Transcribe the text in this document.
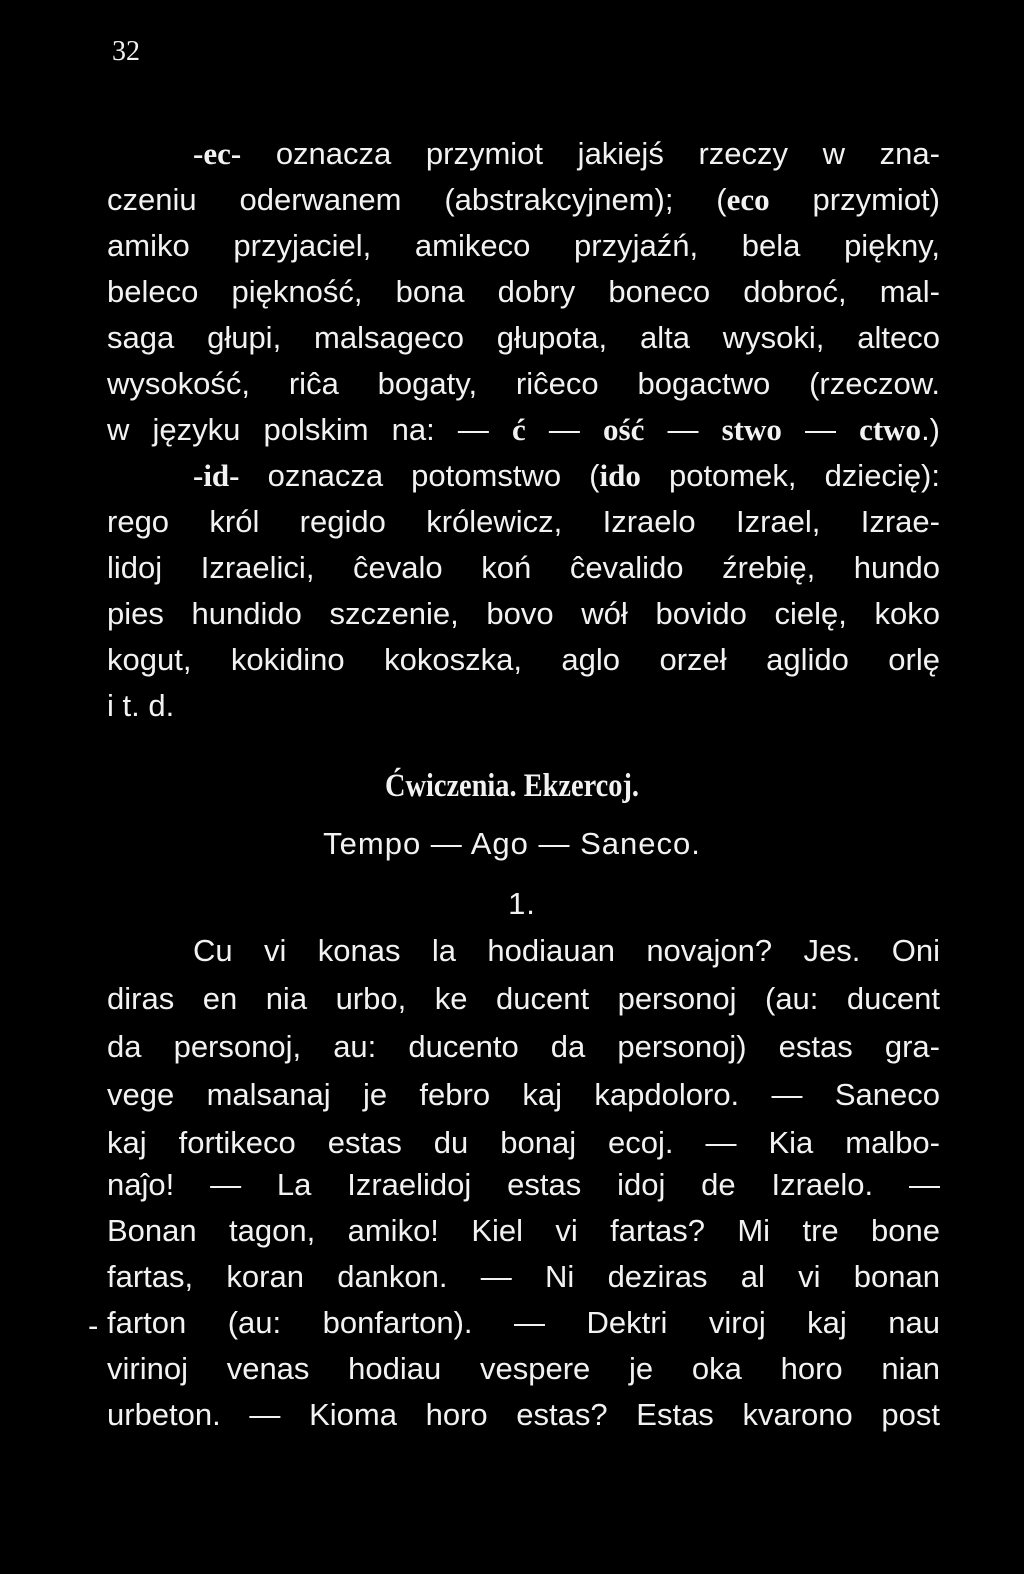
32
-ec- oznacza przymiot jakiejś rzeczy w zna-
czeniu oderwanem (abstrakcyjnem); (eco przymiot)
amiko przyjaciel, amikeco przyjaźń, bela piękny,
beleco piękność, bona dobry boneco dobroć, mal-
saga głupi, malsageco głupota, alta wysoki, alteco
wysokość, riĉa bogaty, riĉeco bogactwo (rzeczow.
w języku polskim na: — ć — ość — stwo — ctwo.)
-id- oznacza potomstwo (ido potomek, dziecię):
rego król regido królewicz, Izraelo Izrael, Izrae-
lidoj Izraelici, ĉevalo koń ĉevalido źrebię, hundo
pies hundido szczenie, bovo wół bovido cielę, koko
kogut, kokidino kokoszka, aglo orzeł aglido orlę
i t. d.
Ćwiczenia. Ekzercoj.
Tempo — Ago — Saneco.
1.
Cu vi konas la hodiauan novajon? Jes. Oni
diras en nia urbo, ke ducent personoj (au: ducent
da personoj, au: ducento da personoj) estas gra-
vege malsanaj je febro kaj kapdoloro. — Saneco
kaj fortikeco estas du bonaj ecoj. — Kia malbo-
naĵo! — La Izraelidoj estas idoj de Izraelo. —
Bonan tagon, amiko! Kiel vi fartas? Mi tre bone
fartas, koran dankon. — Ni deziras al vi bonan
farton (au: bonfarton). — Dektri viroj kaj nau
virinoj venas hodiau vespere je oka horo nian
urbeton. — Kioma horo estas? Estas kvarono post
-
